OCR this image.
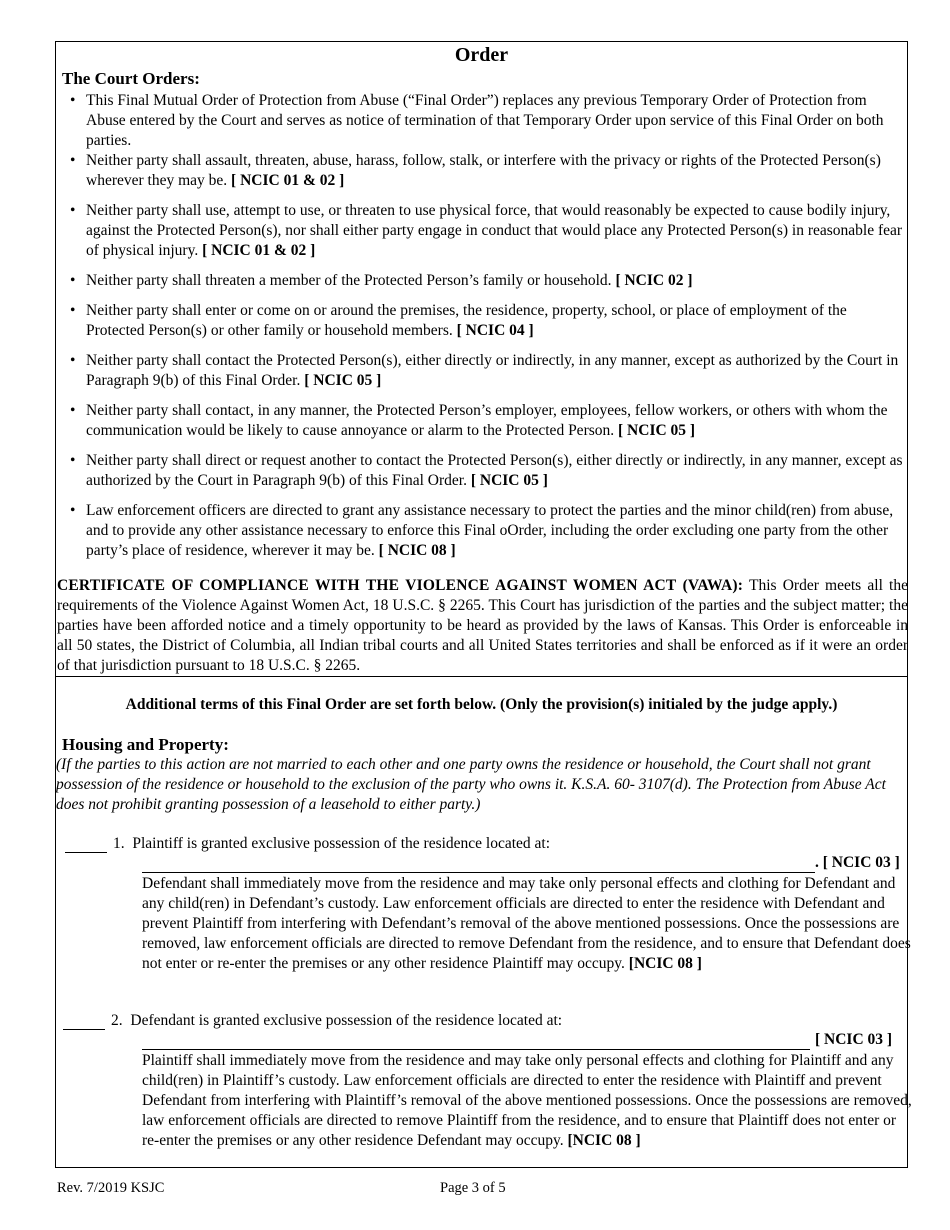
Order
The Court Orders:
• This Final Mutual Order of Protection from Abuse (“Final Order”) replaces any previous Temporary Order of Protection from Abuse entered by the Court and serves as notice of termination of that Temporary Order upon service of this Final Order on both parties.
• Neither party shall assault, threaten, abuse, harass, follow, stalk, or interfere with the privacy or rights of the Protected Person(s) wherever they may be. [ NCIC 01 & 02 ]
• Neither party shall use, attempt to use, or threaten to use physical force, that would reasonably be expected to cause bodily injury, against the Protected Person(s), nor shall either party engage in conduct that would place any Protected Person(s) in reasonable fear of physical injury. [ NCIC 01 & 02 ]
• Neither party shall threaten a member of the Protected Person’s family or household. [ NCIC 02 ]
• Neither party shall enter or come on or around the premises, the residence, property, school, or place of employment of the Protected Person(s) or other family or household members. [ NCIC 04 ]
• Neither party shall contact the Protected Person(s), either directly or indirectly, in any manner, except as authorized by the Court in Paragraph 9(b) of this Final Order. [ NCIC 05 ]
• Neither party shall contact, in any manner, the Protected Person’s employer, employees, fellow workers, or others with whom the communication would be likely to cause annoyance or alarm to the Protected Person. [ NCIC 05 ]
• Neither party shall direct or request another to contact the Protected Person(s), either directly or indirectly, in any manner, except as authorized by the Court in Paragraph 9(b) of this Final Order. [ NCIC 05 ]
• Law enforcement officers are directed to grant any assistance necessary to protect the parties and the minor child(ren) from abuse, and to provide any other assistance necessary to enforce this Final oOrder, including the order excluding one party from the other party’s place of residence, wherever it may be. [ NCIC 08 ]
CERTIFICATE OF COMPLIANCE WITH THE VIOLENCE AGAINST WOMEN ACT (VAWA): This Order meets all the requirements of the Violence Against Women Act, 18 U.S.C. § 2265. This Court has jurisdiction of the parties and the subject matter; the parties have been afforded notice and a timely opportunity to be heard as provided by the laws of Kansas. This Order is enforceable in all 50 states, the District of Columbia, all Indian tribal courts and all United States territories and shall be enforced as if it were an order of that jurisdiction pursuant to 18 U.S.C. § 2265.
Additional terms of this Final Order are set forth below. (Only the provision(s) initialed by the judge apply.)
Housing and Property:
(If the parties to this action are not married to each other and one party owns the residence or household, the Court shall not grant possession of the residence or household to the exclusion of the party who owns it. K.S.A. 60- 3107(d). The Protection from Abuse Act does not prohibit granting possession of a leasehold to either party.)
1. Plaintiff is granted exclusive possession of the residence located at:
. [ NCIC 03 ]
Defendant shall immediately move from the residence and may take only personal effects and clothing for Defendant and any child(ren) in Defendant’s custody. Law enforcement officials are directed to enter the residence with Defendant and prevent Plaintiff from interfering with Defendant’s removal of the above mentioned possessions. Once the possessions are removed, law enforcement officials are directed to remove Defendant from the residence, and to ensure that Defendant does not enter or re-enter the premises or any other residence Plaintiff may occupy. [NCIC 08 ]
2. Defendant is granted exclusive possession of the residence located at:
[ NCIC 03 ]
Plaintiff shall immediately move from the residence and may take only personal effects and clothing for Plaintiff and any child(ren) in Plaintiff’s custody. Law enforcement officials are directed to enter the residence with Plaintiff and prevent Defendant from interfering with Plaintiff’s removal of the above mentioned possessions. Once the possessions are removed, law enforcement officials are directed to remove Plaintiff from the residence, and to ensure that Plaintiff does not enter or re-enter the premises or any other residence Defendant may occupy. [NCIC 08 ]
Rev. 7/2019 KSJC	Page 3 of 5
